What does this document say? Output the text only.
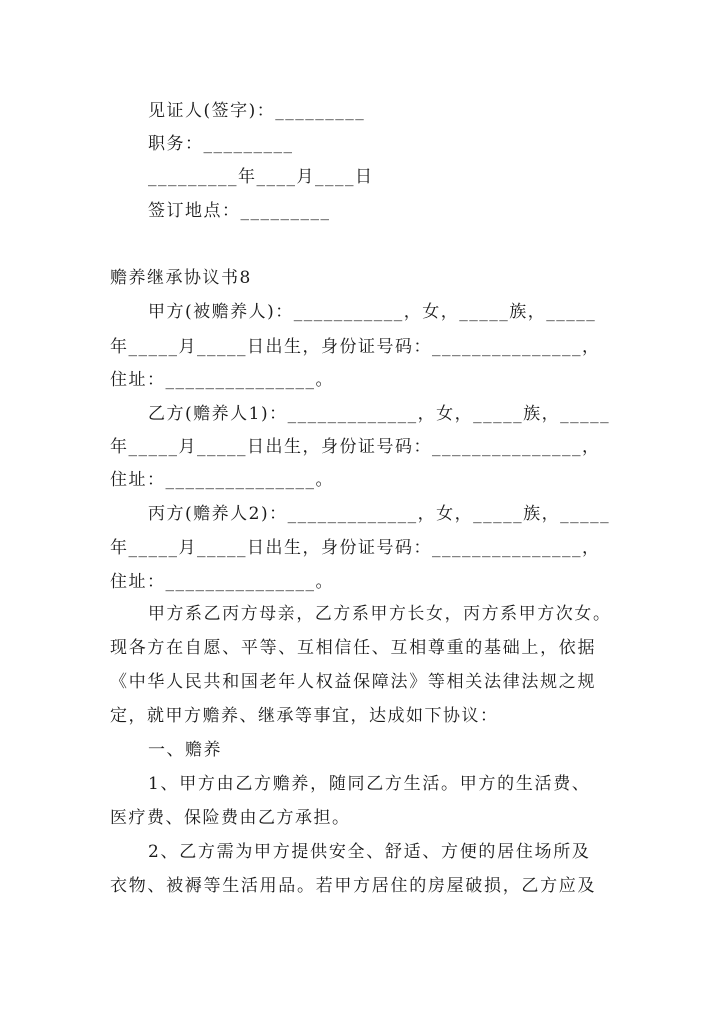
见证人(签字)：_________
职务：_________
_________年____月____日
签订地点：_________
赡养继承协议书8
甲方(被赡养人)：___________，女，_____族，_____
年_____月_____日出生，身份证号码：_______________，
住址：_______________。
乙方(赡养人1)：_____________，女，_____族，_____
年_____月_____日出生，身份证号码：_______________，
住址：_______________。
丙方(赡养人2)：_____________，女，_____族，_____
年_____月_____日出生，身份证号码：_______________，
住址：_______________。
甲方系乙丙方母亲，乙方系甲方长女，丙方系甲方次女。
现各方在自愿、平等、互相信任、互相尊重的基础上，依据
《中华人民共和国老年人权益保障法》等相关法律法规之规
定，就甲方赡养、继承等事宜，达成如下协议：
一、赡养
1、甲方由乙方赡养，随同乙方生活。甲方的生活费、
医疗费、保险费由乙方承担。
2、乙方需为甲方提供安全、舒适、方便的居住场所及
衣物、被褥等生活用品。若甲方居住的房屋破损，乙方应及
